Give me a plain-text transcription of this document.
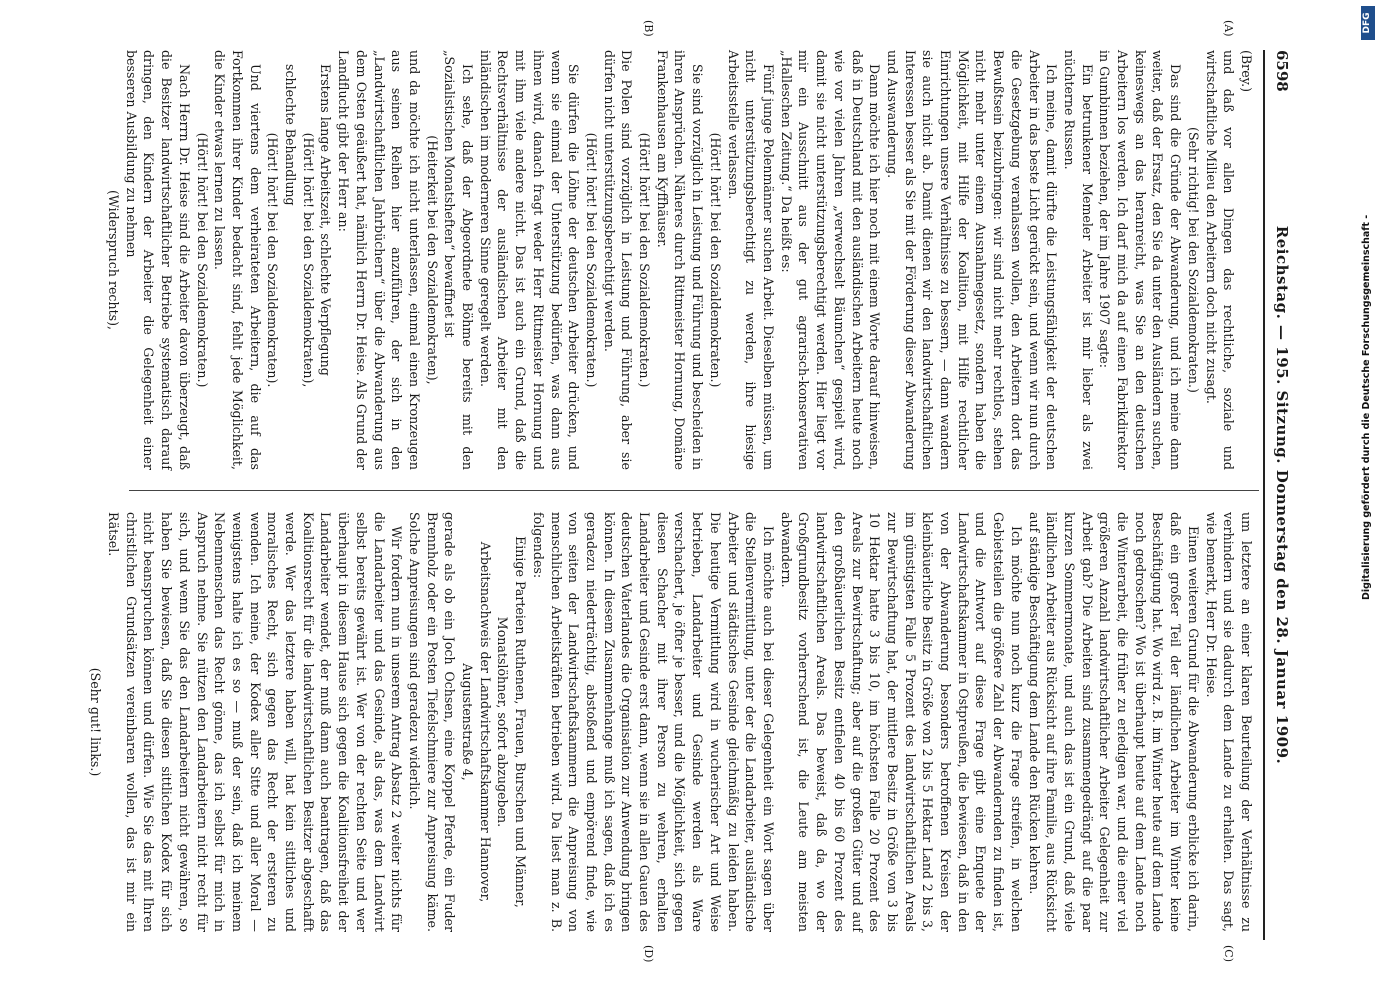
6598
Reichstag. — 195. Sitzung. Donnerstag den 28. Januar 1909.
(A)
(B)
(C)
(D)

(Brey.)

und daß vor allen Dingen das rechtliche, soziale und wirtschaftliche Milieu den Arbeitern doch nicht zusagt.

(Sehr richtig! bei den Sozialdemokraten.)

Das sind die Gründe der Abwanderung, und ich meine dann weiter, daß der Ersatz, den Sie da unter den Ausländern suchen, keineswegs an das heranreicht, was Sie an den deutschen Arbeitern los werden. Ich darf mich da auf einen Fabrikdirektor in Gumbinnen beziehen, der im Jahre 1907 sagte:

Ein betrunkener Memeler Arbeiter ist mir lieber als zwei nüchterne Russen.

Ich meine, damit dürfte die Leistungsfähigkeit der deutschen Arbeiter in das beste Licht gerückt sein, und wenn wir nun durch die Gesetzgebung veranlassen wollen, den Arbeitern dort das Bewußtsein beizubringen: wir sind nicht mehr rechtlos, stehen nicht mehr unter einem Ausnahmegesetz, sondern haben die Möglichkeit, mit Hilfe der Koalition, mit Hilfe rechtlicher Einrichtungen unsere Verhältnisse zu bessern, — dann wandern sie auch nicht ab. Damit dienen wir den landwirtschaftlichen Interessen besser als Sie mit der Förderung dieser Abwanderung und Auswanderung.

Dann möchte ich hier noch mit einem Worte darauf hinweisen, daß in Deutschland mit den ausländischen Arbeitern heute noch wie vor vielen Jahren „verwechselt Bäumchen“ gespielt wird, damit sie nicht unterstützungsberechtigt werden. Hier liegt vor mir ein Ausschnitt aus der gut agrarisch-konservativen „Halleschen Zeitung.“ Da heißt es:

Fünf junge Polenmänner suchen Arbeit. Dieselben müssen, um nicht unterstützungsberechtigt zu werden, ihre hiesige Arbeitsstelle verlassen.

(Hört! hört! bei den Sozialdemokraten.)

Sie sind vorzüglich in Leistung und Führung und bescheiden in ihren Ansprüchen. Näheres durch Rittmeister Hornung, Domäne Frankenhausen am Kyffhäuser.

(Hört! hört! bei den Sozialdemokraten.)

Die Polen sind vorzüglich in Leistung und Führung, aber sie dürfen nicht unterstützungsberechtigt werden.

(Hört! hört! bei den Sozialdemokraten.)

Sie dürfen die Löhne der deutschen Arbeiter drücken, und wenn sie einmal der Unterstützung bedürfen, was dann aus ihnen wird, danach fragt weder Herr Rittmeister Hornung und mit ihm viele andere nicht. Das ist auch ein Grund, daß die Rechtsverhältnisse der ausländischen Arbeiter mit den inländischen im moderneren Sinne geregelt werden.

Ich sehe, daß der Abgeordnete Böhme bereits mit den „Sozialistischen Monatsheften“ bewaffnet ist

(Heiterkeit bei den Sozialdemokraten),

und da möchte ich nicht unterlassen, einmal einen Kronzeugen aus seinen Reihen hier anzuführen, der sich in den „Landwirtschaftlichen Jahrbüchern“ über die Abwanderung aus dem Osten geäußert hat, nämlich Herrn Dr. Heise. Als Grund der Landflucht gibt der Herr an:

Erstens lange Arbeitszeit, schlechte Verpflegung

(Hört! hört! bei den Sozialdemokraten),

schlechte Behandlung

(Hört! hört! bei den Sozialdemokraten).

Und viertens dem verheirateten Arbeitern, die auf das Fortkommen ihrer Kinder bedacht sind, fehlt jede Möglichkeit, die Kinder etwas lernen zu lassen.

(Hört! hört! bei den Sozialdemokraten.)

Nach Herrn Dr. Heise sind die Arbeiter davon überzeugt, daß die Besitzer landwirtschaftlicher Betriebe systematisch darauf dringen, den Kindern der Arbeiter die Gelegenheit einer besseren Ausbildung zu nehmen

(Widerspruch rechts),

um letztere an einer klaren Beurteilung der Verhältnisse zu verhindern und sie dadurch dem Lande zu erhalten. Das sagt, wie bemerkt, Herr Dr. Heise.

Einen weiteren Grund für die Abwanderung erblicke ich darin, daß ein großer Teil der ländlichen Arbeiter im Winter keine Beschäftigung hat. Wo wird z. B. im Winter heute auf dem Lande noch gedroschen? Wo ist überhaupt heute auf dem Lande noch die Winterarbeit, die früher zu erledigen war, und die einer viel größeren Anzahl landwirtschaftlicher Arbeiter Gelegenheit zur Arbeit gab? Die Arbeiten sind zusammengedrängt auf die paar kurzen Sommermonate, und auch das ist ein Grund, daß viele ländlichen Arbeiter aus Rücksicht auf ihre Familie, aus Rücksicht auf ständige Beschäftigung dem Lande den Rücken kehren.

Ich möchte nun noch kurz die Frage streifen, in welchen Gebietsteilen die größere Zahl der Abwandernden zu finden ist, und die Antwort auf diese Frage gibt eine Enquete der Landwirtschaftskammer in Ostpreußen, die bewiesen, daß in den von der Abwanderung besonders betroffenen Kreisen der kleinbäuerliche Besitz in Größe von 2 bis 5 Hektar Land 2 bis 3, im günstigsten Falle 5 Prozent des landwirtschaftlichen Areals zur Bewirtschaftung hat, der mittlere Besitz in Größe von 3 bis 10 Hektar hatte 3 bis 10, im höchsten Falle 20 Prozent des Areals zur Bewirtschaftung; aber auf die großen Güter und auf den großbäuerlichen Besitz entfielen 40 bis 60 Prozent des landwirtschaftlichen Areals. Das beweist, daß da, wo der Großgrundbesitz vorherrschend ist, die Leute am meisten abwandern.

Ich möchte auch bei dieser Gelegenheit ein Wort sagen über die Stellenvermittlung, unter der die Landarbeiter, ausländische Arbeiter und städtisches Gesinde gleichmäßig zu leiden haben. Die heutige Vermittlung wird in wucherischer Art und Weise betrieben, Landarbeiter und Gesinde werden als Ware verschachert, je öfter je besser, und die Möglichkeit, sich gegen diesen Schacher mit ihrer Person zu wehren, erhalten Landarbeiter und Gesinde erst dann, wenn sie in allen Gauen des deutschen Vaterlandes die Organisation zur Anwendung bringen können. In diesem Zusammenhange muß ich sagen, daß ich es geradezu niederträchtig, abstoßend und empörend finde, wie von seiten der Landwirtschaftskammern die Anpreisung von menschlichen Arbeitskräften betrieben wird. Da liest man z. B. folgendes:

Einige Parteien Ruthenen, Frauen, Burschen und Männer, Monatslöhner, sofort abzugeben.

Arbeitsnachweis der Landwirtschaftskammer Hannover, Augustenstraße 4,

gerade als ob ein Joch Ochsen, eine Koppel Pferde, ein Fuder Brennholz oder ein Posten Tiefelschmiere zur Anpreisung käme. Solche Anpreisungen sind geradezu widerlich.

Wir fordern nun in unserem Antrag Absatz 2 weiter nichts für die Landarbeiter und das Gesinde, als das, was dem Landwirt selbst bereits gewährt ist. Wer von der rechten Seite und wer überhaupt in diesem Hause sich gegen die Koalitionsfreiheit der Landarbeiter wendet, der muß dann auch beantragen, daß das Koalitionsrecht für die landwirtschaftlichen Besitzer abgeschafft werde. Wer das letztere haben will, hat kein sittliches und moralisches Recht, sich gegen das Recht der ersteren zu wenden. Ich meine, der Kodex aller Sitte und aller Moral — wenigstens halte ich es so — muß der sein, daß ich meinem Nebenmenschen das Recht gönne, das ich selbst für mich in Anspruch nehme. Sie nützen den Landarbeitern nicht recht für sich, und wenn Sie das den Landarbeitern nicht gewähren, so haben Sie bewiesen, daß Sie diesen sittlichen Kodex für sich nicht beanspruchen können und dürfen. Wie Sie das mit Ihren christlichen Grundsätzen vereinbaren wollen, das ist mir ein Rätsel.

(Sehr gut! links.)

Digitalisierung gefördert durch die Deutsche Forschungsgemeinschaft -
DFG
